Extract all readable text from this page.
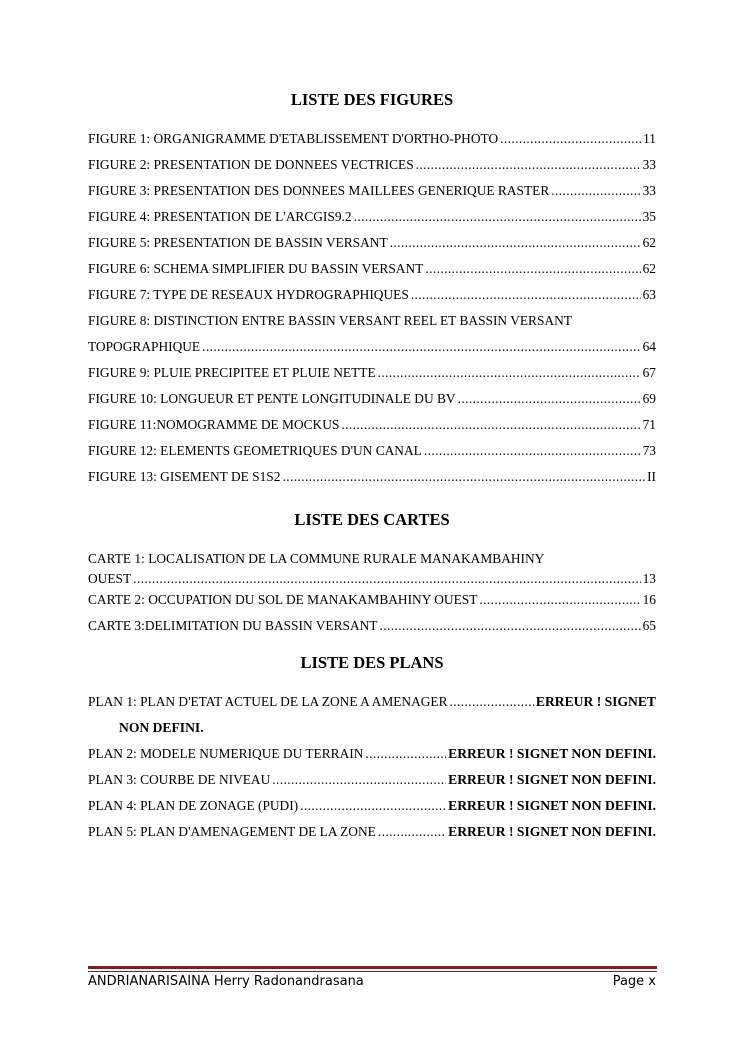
LISTE DES FIGURES
FIGURE 1: ORGANIGRAMME D'ETABLISSEMENT D'ORTHO-PHOTO .....	11
FIGURE 2: PRESENTATION DE DONNEES VECTRICES .....	33
FIGURE 3: PRESENTATION DES DONNEES MAILLEES GENERIQUE RASTER .....	33
FIGURE 4: PRESENTATION DE L'ARCGIS9.2 .....	35
FIGURE 5: PRESENTATION DE BASSIN VERSANT .....	62
FIGURE 6: SCHEMA SIMPLIFIER DU BASSIN VERSANT .....	62
FIGURE 7: TYPE DE RESEAUX HYDROGRAPHIQUES .....	63
FIGURE 8: DISTINCTION ENTRE BASSIN VERSANT REEL ET BASSIN VERSANT
TOPOGRAPHIQUE .....	64
FIGURE 9: PLUIE PRECIPITEE ET PLUIE NETTE .....	67
FIGURE 10: LONGUEUR ET PENTE LONGITUDINALE DU BV .....	69
FIGURE 11:NOMOGRAMME DE MOCKUS .....	71
FIGURE 12: ELEMENTS GEOMETRIQUES D'UN CANAL .....	73
FIGURE 13: GISEMENT DE S1S2 .....	II
LISTE DES CARTES
CARTE 1: LOCALISATION DE LA COMMUNE RURALE MANAKAMBAHINY
OUEST .....	13
CARTE 2: OCCUPATION DU SOL DE MANAKAMBAHINY OUEST .....	16
CARTE 3:DELIMITATION DU BASSIN VERSANT .....	65
LISTE DES PLANS
PLAN 1: PLAN D'ETAT ACTUEL DE LA ZONE A AMENAGER .....	ERREUR ! SIGNET
NON DEFINI.
PLAN 2: MODELE NUMERIQUE DU TERRAIN .....	ERREUR ! SIGNET NON DEFINI.
PLAN 3: COURBE DE NIVEAU .....	ERREUR ! SIGNET NON DEFINI.
PLAN 4: PLAN DE ZONAGE (PUDI) .....	ERREUR ! SIGNET NON DEFINI.
PLAN 5: PLAN D'AMENAGEMENT DE LA ZONE .....	ERREUR ! SIGNET NON DEFINI.
ANDRIANARISAINA Herry Radonandrasana	Page x
